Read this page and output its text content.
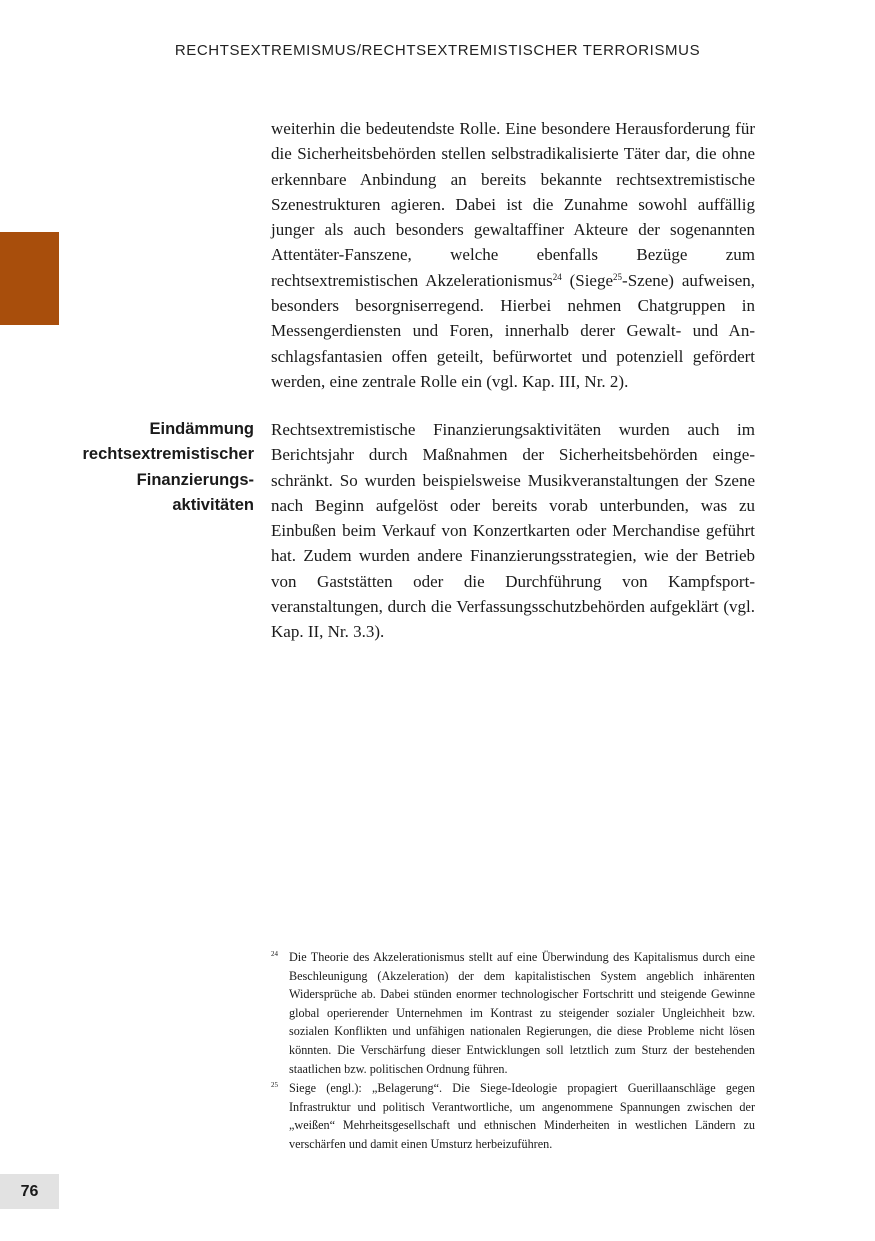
RECHTSEXTREMISMUS/RECHTSEXTREMISTISCHER TERRORISMUS

weiterhin die bedeutendste Rolle. Eine besondere Herausforderung für die Sicherheitsbehörden stellen selbstradikalisierte Täter dar, die ohne erkennbare Anbindung an bereits bekannte rechtsextremistische Szenestrukturen agieren. Dabei ist die Zunahme sowohl auffällig junger als auch besonders gewaltaffiner Akteure der sogenannten Attentäter-Fanszene, welche ebenfalls Bezüge zum rechtsextremistischen Akzelerationismus$^{24}$ (Siege$^{25}$-Szene) aufweisen, besonders besorgniserregend. Hierbei nehmen Chatgruppen in Messengerdiensten und Foren, innerhalb derer Gewalt- und Anschlagsfantasien offen geteilt, befürwortet und potenziell gefördert werden, eine zentrale Rolle ein (vgl. Kap. III, Nr. 2).

Eindämmung
rechtsextremistischer
Finanzierungs-
aktivitäten

Rechtsextremistische Finanzierungsaktivitäten wurden auch im Berichtsjahr durch Maßnahmen der Sicherheitsbehörden eingeschränkt. So wurden beispielsweise Musikveranstaltungen der Szene nach Beginn aufgelöst oder bereits vorab unterbunden, was zu Einbußen beim Verkauf von Konzertkarten oder Merchandise geführt hat. Zudem wurden andere Finanzierungsstrategien, wie der Betrieb von Gaststätten oder die Durchführung von Kampfsportveranstaltungen, durch die Verfassungsschutzbehörden aufgeklärt (vgl. Kap. II, Nr. 3.3).

24 Die Theorie des Akzelerationismus stellt auf eine Überwindung des Kapitalismus durch eine Beschleunigung (Akzeleration) der dem kapitalistischen System angeblich inhärenten Widersprüche ab. Dabei stünden enormer technologischer Fortschritt und steigende Gewinne global operierender Unternehmen im Kontrast zu steigender sozialer Ungleichheit bzw. sozialen Konflikten und unfähigen nationalen Regierungen, die diese Probleme nicht lösen könnten. Die Verschärfung dieser Entwicklungen soll letztlich zum Sturz der bestehenden staatlichen bzw. politischen Ordnung führen.
25 Siege (engl.): „Belagerung“. Die Siege-Ideologie propagiert Guerillaanschläge gegen Infrastruktur und politisch Verantwortliche, um angenommene Spannungen zwischen der „weißen“ Mehrheitsgesellschaft und ethnischen Minderheiten in westlichen Ländern zu verschärfen und damit einen Umsturz herbeizuführen.
76
